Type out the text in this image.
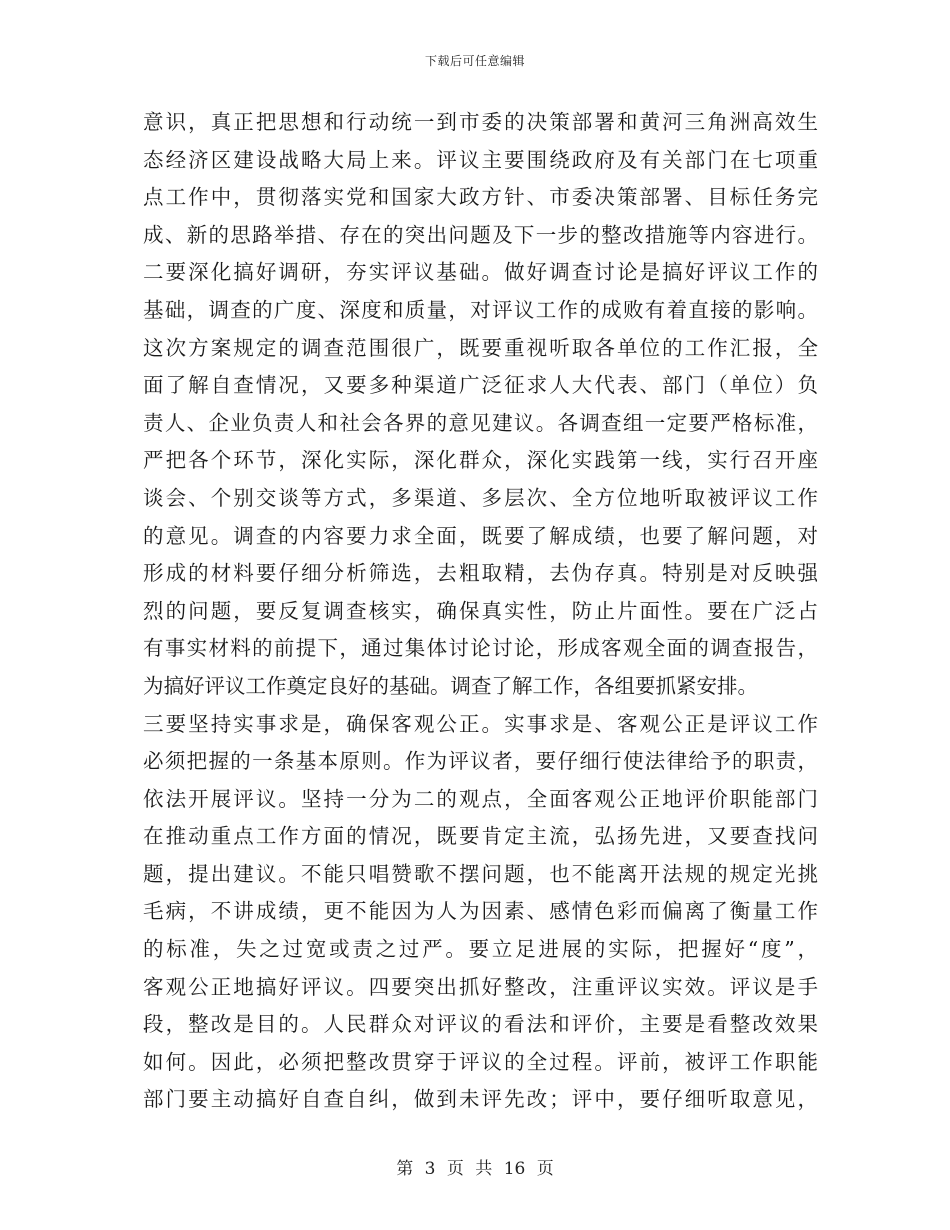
下载后可任意编辑
意识，真正把思想和行动统一到市委的决策部署和黄河三角洲高效生
态经济区建设战略大局上来。评议主要围绕政府及有关部门在七项重
点工作中，贯彻落实党和国家大政方针、市委决策部署、目标任务完
成、新的思路举措、存在的突出问题及下一步的整改措施等内容进行。
二要深化搞好调研，夯实评议基础。做好调查讨论是搞好评议工作的
基础，调查的广度、深度和质量，对评议工作的成败有着直接的影响。
这次方案规定的调查范围很广，既要重视听取各单位的工作汇报，全
面了解自查情况，又要多种渠道广泛征求人大代表、部门（单位）负
责人、企业负责人和社会各界的意见建议。各调查组一定要严格标准，
严把各个环节，深化实际，深化群众，深化实践第一线，实行召开座
谈会、个别交谈等方式，多渠道、多层次、全方位地听取被评议工作
的意见。调查的内容要力求全面，既要了解成绩，也要了解问题，对
形成的材料要仔细分析筛选，去粗取精，去伪存真。特别是对反映强
烈的问题，要反复调查核实，确保真实性，防止片面性。要在广泛占
有事实材料的前提下，通过集体讨论讨论，形成客观全面的调查报告，
为搞好评议工作奠定良好的基础。调查了解工作，各组要抓紧安排。
三要坚持实事求是，确保客观公正。实事求是、客观公正是评议工作
必须把握的一条基本原则。作为评议者，要仔细行使法律给予的职责，
依法开展评议。坚持一分为二的观点，全面客观公正地评价职能部门
在推动重点工作方面的情况，既要肯定主流，弘扬先进，又要查找问
题，提出建议。不能只唱赞歌不摆问题，也不能离开法规的规定光挑
毛病，不讲成绩，更不能因为人为因素、感情色彩而偏离了衡量工作
的标准，失之过宽或责之过严。要立足进展的实际，把握好“度”，
客观公正地搞好评议。四要突出抓好整改，注重评议实效。评议是手
段，整改是目的。人民群众对评议的看法和评价，主要是看整改效果
如何。因此，必须把整改贯穿于评议的全过程。评前，被评工作职能
部门要主动搞好自查自纠，做到未评先改；评中，要仔细听取意见，
第 3 页 共 16 页
